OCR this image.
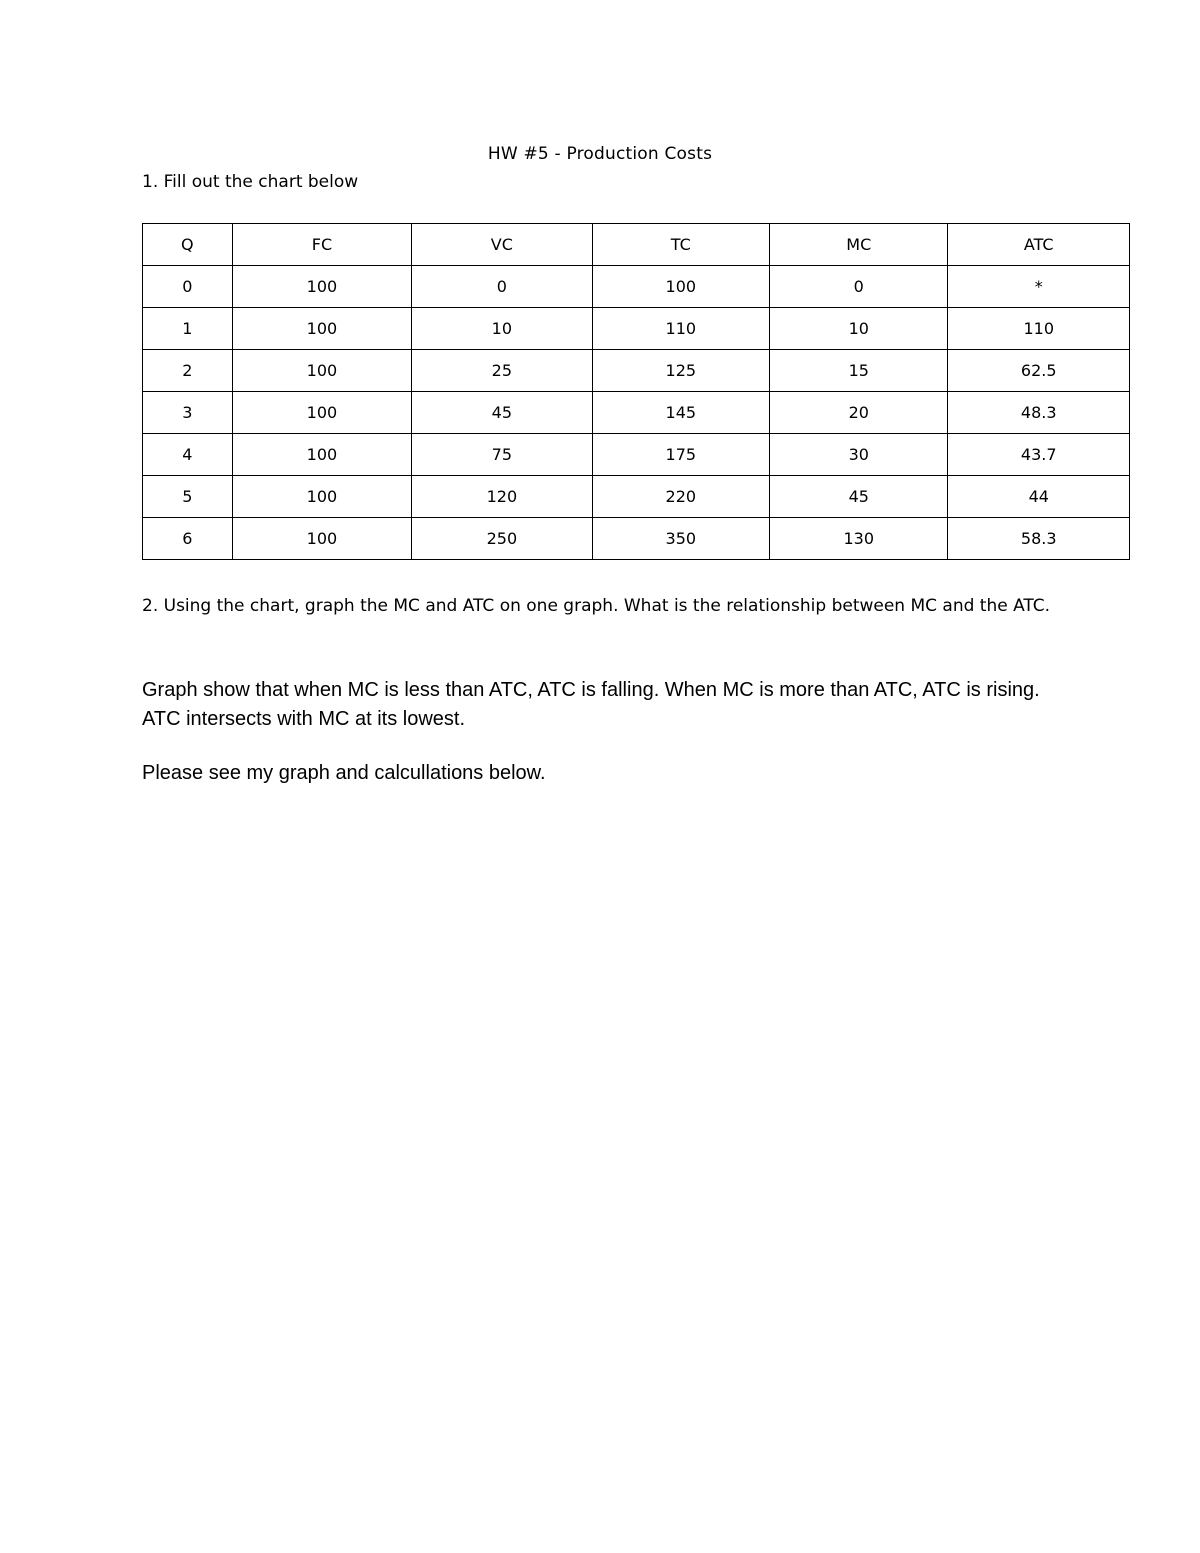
HW #5 - Production Costs
1. Fill out the chart below
Q	FC	VC	TC	MC	ATC
0	100	0	100	0	*
1	100	10	110	10	110
2	100	25	125	15	62.5
3	100	45	145	20	48.3
4	100	75	175	30	43.7
5	100	120	220	45	44
6	100	250	350	130	58.3
2. Using the chart, graph the MC and ATC on one graph. What is the relationship between MC and the ATC.
Graph show that when MC is less than ATC, ATC is falling. When MC is more than ATC, ATC is rising. ATC intersects with MC at its lowest.
Please see my graph and calcullations below.
